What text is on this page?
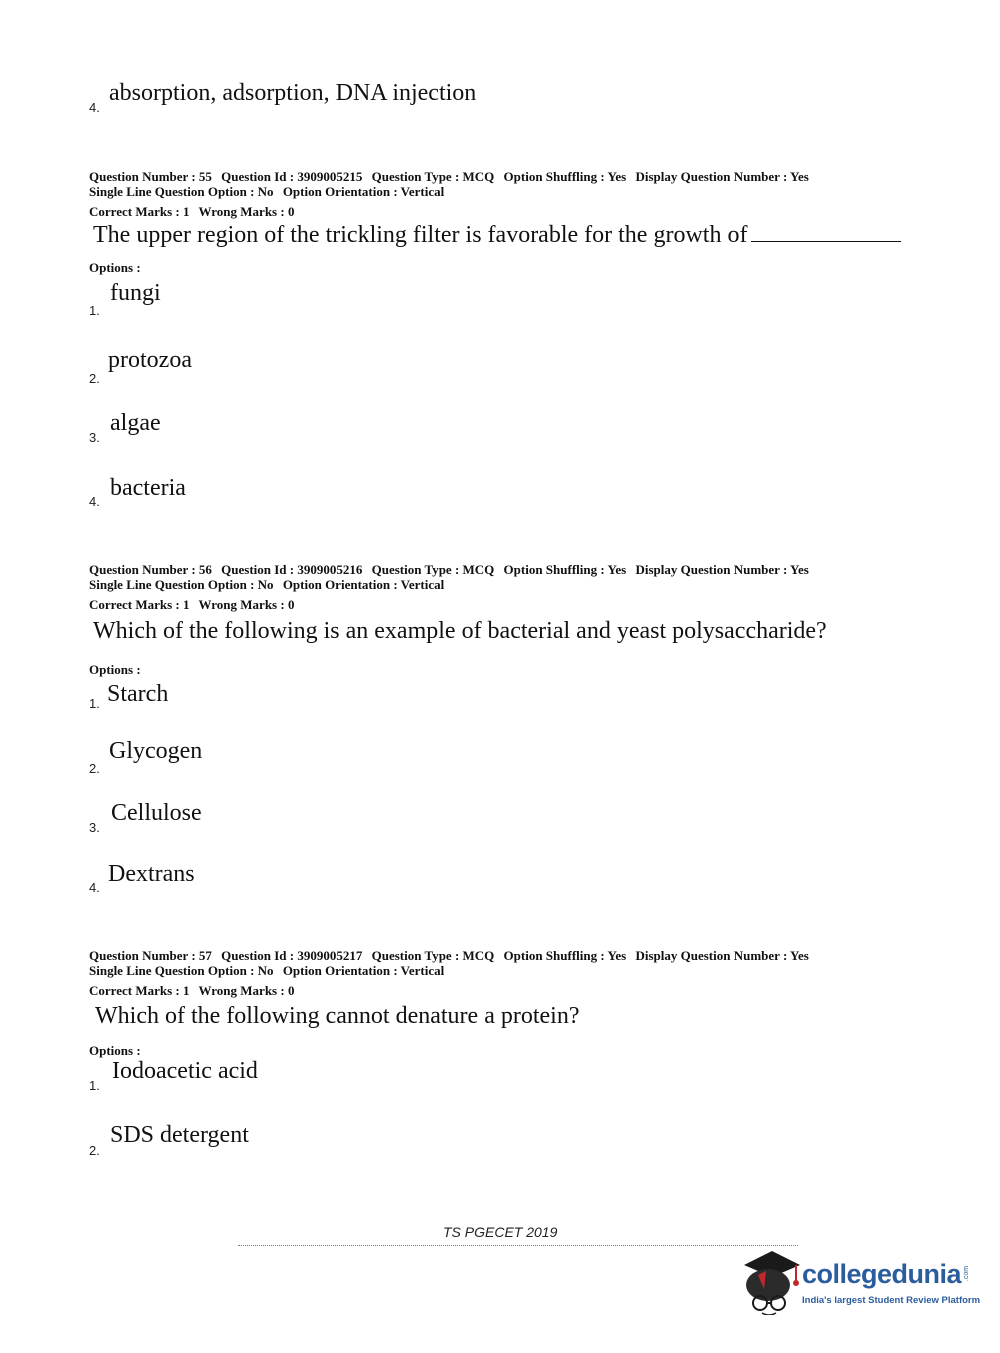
4.
absorption, adsorption, DNA injection
Question Number : 55 Question Id : 3909005215 Question Type : MCQ Option Shuffling : Yes Display Question Number : Yes
Single Line Question Option : No Option Orientation : Vertical
Correct Marks : 1 Wrong Marks : 0
The upper region of the trickling filter is favorable for the growth of
Options :
1.
fungi
2.
protozoa
3.
algae
4.
bacteria
Question Number : 56 Question Id : 3909005216 Question Type : MCQ Option Shuffling : Yes Display Question Number : Yes
Single Line Question Option : No Option Orientation : Vertical
Correct Marks : 1 Wrong Marks : 0
Which of the following is an example of bacterial and yeast polysaccharide?
Options :
1. Starch
2.
Glycogen
3.
Cellulose
4.
Dextrans
Question Number : 57 Question Id : 3909005217 Question Type : MCQ Option Shuffling : Yes Display Question Number : Yes
Single Line Question Option : No Option Orientation : Vertical
Correct Marks : 1 Wrong Marks : 0
Which of the following cannot denature a protein?
Options :
1.
Iodoacetic acid
2.
SDS detergent
TS PGECET 2019
collegedunia .com
India's largest Student Review Platform
